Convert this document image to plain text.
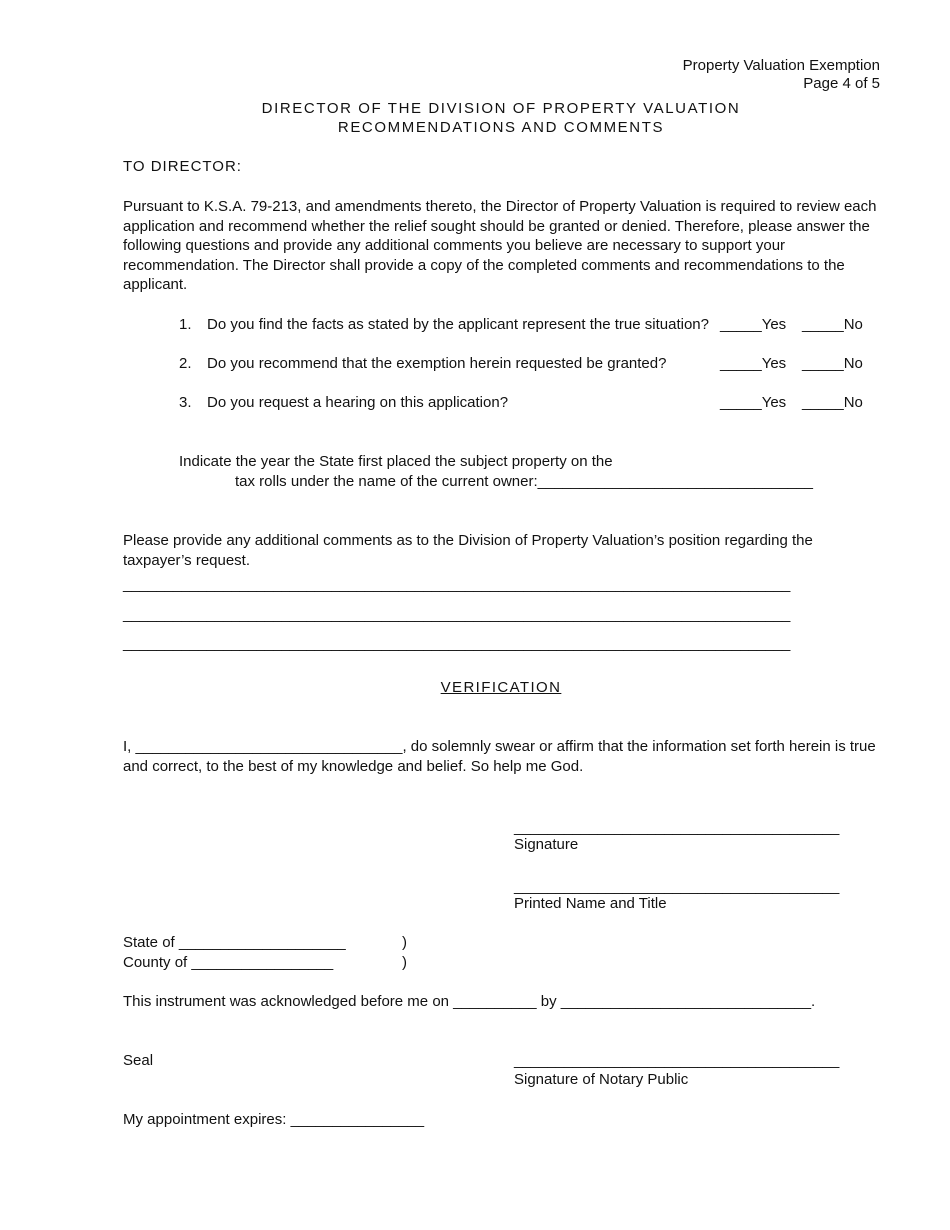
Property Valuation Exemption
Page 4 of 5
DIRECTOR OF THE DIVISION OF PROPERTY VALUATION
RECOMMENDATIONS AND COMMENTS
TO DIRECTOR:
Pursuant to K.S.A. 79-213, and amendments thereto, the Director of Property Valuation is required to review each application and recommend whether the relief sought should be granted or denied. Therefore, please answer the following questions and provide any additional comments you believe are necessary to support your recommendation. The Director shall provide a copy of the completed comments and recommendations to the applicant.
1. Do you find the facts as stated by the applicant represent the true situation? _____Yes _____No
2. Do you recommend that the exemption herein requested be granted?	_____Yes _____No
3. Do you request a hearing on this application?	_____Yes _____No
Indicate the year the State first placed the subject property on the
tax rolls under the name of the current owner:_________________________________
Please provide any additional comments as to the Division of Property Valuation’s position regarding the taxpayer’s request.
________________________________________________________________________________
________________________________________________________________________________
________________________________________________________________________________
VERIFICATION
I, ________________________________, do solemnly swear or affirm that the information set forth herein is true and correct, to the best of my knowledge and belief. So help me God.
_______________________________________
Signature
_______________________________________
Printed Name and Title
State of ____________________	)
County of _________________	)
This instrument was acknowledged before me on __________ by ______________________________.
Seal	_______________________________________
Signature of Notary Public
My appointment expires: ________________
